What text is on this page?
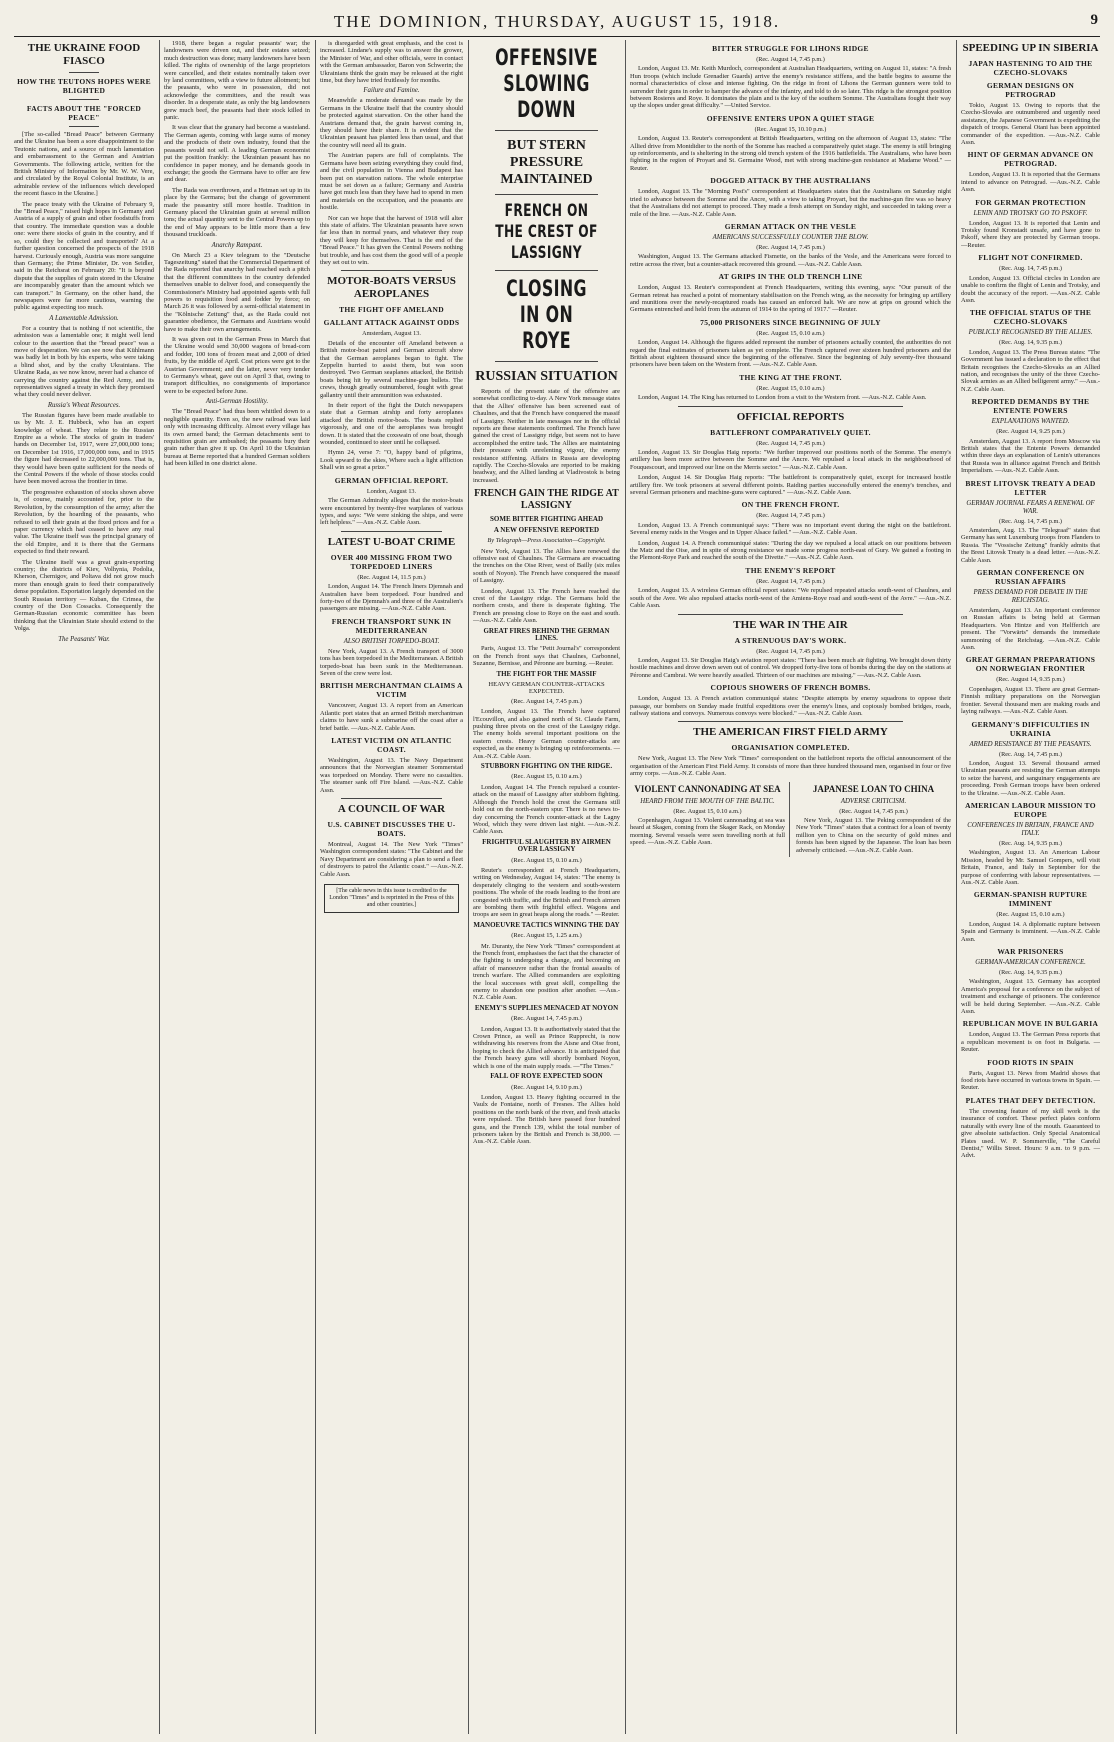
THE DOMINION, THURSDAY, AUGUST 15, 1918.	9
THE UKRAINE FOOD FIASCO
HOW THE TEUTONS HOPES WERE BLIGHTED
FACTS ABOUT THE "FORCED PEACE"

[The so-called "Bread Peace" between Germany and the Ukraine has been a sore disappointment to the Teutonic nations, and a source of much lamentation and embarrassment to the German and Austrian Governments. The following article, written for the British Ministry of Information by Mr. W. W. Vere, and circulated by the Royal Colonial Institute, is an admirable review of the influences which developed the recent fiasco in the Ukraine.]

The peace treaty with the Ukraine of February 9, the "Bread Peace," raised high hopes in Germany and Austria of a supply of grain and other foodstuffs from that country. The immediate question was a double one: were there stocks of grain in the country, and if so, could they be collected and transported? At a further question concerned the prospects of the 1918 harvest. Curiously enough, Austria was more sanguine than Germany; the Prime Minister, Dr. von Seidler, said in the Reichsrat on February 20: "It is beyond dispute that the supplies of grain stored in the Ukraine are incomparably greater than the amount which we can transport." In Germany, on the other hand, the newspapers were far more cautious, warning the public against expecting too much.

A Lamentable Admission.

For a country that is nothing if not scientific, the admission was a lamentable one; it might well lend colour to the assertion that the "bread peace" was a move of desperation. We can see now that Kühlmann was badly let in both by his experts, who were taking a blind shot, and by the crafty Ukrainians. The Ukraine Rada, as we now know, never had a chance of carrying the country against the Red Army, and its representatives signed a treaty in which they promised what they could never deliver.

Russia's Wheat Resources.

The Russian figures have been made available to us by Mr. J. E. Hubbeck, who has an expert knowledge of wheat. They relate to the Russian Empire as a whole. The stocks of grain in traders' hands on December 1st, 1917, were 27,000,000 tons; on December 1st 1916, 17,000,000 tons, and in 1915 the figure had decreased to 22,000,000 tons. That is, they would have been quite sufficient for the needs of the Central Powers if the whole of those stocks could have been moved across the frontier in time.

The progressive exhaustion of stocks shown above is, of course, mainly accounted for, prior to the Revolution, by the consumption of the army; after the Revolution, by the hoarding of the peasants, who refused to sell their grain at the fixed prices and for a paper currency which had ceased to have any real value. The Ukraine itself was the principal granary of the old Empire, and it is there that the Germans expected to find their reward.

The Ukraine itself was a great grain-exporting country; the districts of Kiev, Volhynia, Podolia, Kherson, Chernigov, and Poltava did not grow much more than enough grain to feed their comparatively dense population. Exportation largely depended on the South Russian territory — Kuban, the Crimea, the country of the Don Cossacks. Consequently the German-Russian economic committee has been thinking that the Ukrainian State should extend to the Volga.

The Peasants' War.

1918, there began a regular peasants' war; the landowners were driven out, and their estates seized; much destruction was done; many landowners have been killed. The rights of ownership of the large proprietors were cancelled, and their estates nominally taken over by land committees, with a view to future allotment; but the peasants, who were in possession, did not acknowledge the committees, and the result was disorder. In a desperate state, as only the big landowners grew much beef, the peasants had their stock killed in panic.

It was clear that the granary had become a wasteland. The German agents, coming with large sums of money and the products of their own industry, found that the peasants would not sell. A leading German economist put the position frankly: the Ukrainian peasant has no confidence in paper money, and he demands goods in exchange; the goods the Germans have to offer are few and dear.

The Rada was overthrown, and a Hetman set up in its place by the Germans; but the change of government made the peasantry still more hostile. Tradition in Germany placed the Ukrainian grain at several million tons; the actual quantity sent to the Central Powers up to the end of May appears to be little more than a few thousand truckloads.

Anarchy Rampant.

On March 23 a Kiev telegram to the "Deutsche Tageszeitung" stated that the Commercial Department of the Rada reported that anarchy had reached such a pitch that the different committees in the country defended themselves unable to deliver food, and consequently the Commissioner's Ministry had appointed agents with full powers to requisition food and fodder by force; on March 26 it was followed by a semi-official statement in the "Kölnische Zeitung" that, as the Rada could not guarantee obedience, the Germans and Austrians would have to make their own arrangements.

It was given out in the German Press in March that the Ukraine would send 30,000 wagons of bread-corn and fodder, 100 tons of frozen meat and 2,000 of dried fruits, by the middle of April. Cost prices were got to the Austrian Government; and the latter, never very tender to Germany's wheat, gave out on April 3 that, owing to transport difficulties, no consignments of importance were to be expected before June.

Anti-German Hostility.

The "Bread Peace" had thus been whittled down to a negligible quantity. Even so, the new railroad was laid only with increasing difficulty. Almost every village has its own armed band; the German detachments sent to requisition grain are ambushed; the peasants bury their grain rather than give it up. On April 10 the Ukrainian bureau at Berne reported that a hundred German soldiers had been killed in one district alone.

is disregarded with great emphasis, and the cost is increased. Lindane's supply was to answer the grower, the Minister of War, and other officials, were in contact with the German ambassador, Baron von Schwerin; the Ukrainians think the grain may be released at the right time, but they have tried fruitlessly for months.

Failure and Famine.

Meanwhile a moderate demand was made by the Germans in the Ukraine itself that the country should be protected against starvation. On the other hand the Austrians demand that, the grain harvest coming in, they should have their share. It is evident that the Ukrainian peasant has planted less than usual, and that the country will need all its grain.

The Austrian papers are full of complaints. The Germans have been seizing everything they could find, and the civil population in Vienna and Budapest has been put on starvation rations. The whole enterprise must be set down as a failure; Germany and Austria have got much less than they have had to spend in men and materials on the occupation, and the peasants are hostile.

Nor can we hope that the harvest of 1918 will alter this state of affairs. The Ukrainian peasants have sown far less than in normal years, and whatever they reap they will keep for themselves. That is the end of the "Bread Peace." It has given the Central Powers nothing but trouble, and has cost them the good will of a people they set out to win.

MOTOR-BOATS VERSUS AEROPLANES
THE FIGHT OFF AMELAND
GALLANT ATTACK AGAINST ODDS

Amsterdam, August 13.

Details of the encounter off Ameland between a British motor-boat patrol and German aircraft show that the German aeroplanes began to fight. The Zeppelin hurried to assist them, but was soon destroyed. Two German seaplanes attacked, the British boats being hit by several machine-gun bullets. The crews, though greatly outnumbered, fought with great gallantry until their ammunition was exhausted.

In their report of the fight the Dutch newspapers state that a German airship and forty aeroplanes attacked the British motor-boats. The boats replied vigorously, and one of the aeroplanes was brought down. It is stated that the coxswain of one boat, though wounded, continued to steer until he collapsed.

Hymn 24, verse 7: "O, happy band of pilgrims, Look upward to the skies, Where such a light affliction Shall win so great a prize."

GERMAN OFFICIAL REPORT.

London, August 13.

The German Admiralty alleges that the motor-boats were encountered by twenty-five warplanes of various types, and says: "We were sinking the ships, and were left helpless." —Aus.-N.Z. Cable Assn.

LATEST U-BOAT CRIME
OVER 400 MISSING FROM TWO TORPEDOED LINERS

(Rec. August 14, 11.5 p.m.)

London, August 14. The French liners Djemnah and Australien have been torpedoed. Four hundred and forty-two of the Djemnah's and three of the Australien's passengers are missing. —Aus.-N.Z. Cable Assn.

FRENCH TRANSPORT SUNK IN MEDITERRANEAN
ALSO BRITISH TORPEDO-BOAT.

New York, August 13. A French transport of 3000 tons has been torpedoed in the Mediterranean. A British torpedo-boat has been sunk in the Mediterranean. Seven of the crew were lost.

BRITISH MERCHANTMAN CLAIMS A VICTIM

Vancouver, August 13. A report from an American Atlantic port states that an armed British merchantman claims to have sunk a submarine off the coast after a brief battle. —Aus.-N.Z. Cable Assn.

LATEST VICTIM ON ATLANTIC COAST.

Washington, August 13. The Navy Department announces that the Norwegian steamer Sommerstad was torpedoed on Monday. There were no casualties. The steamer sank off Fire Island. —Aus.-N.Z. Cable Assn.

A COUNCIL OF WAR
U.S. CABINET DISCUSSES THE U-BOATS.

Montreal, August 14. The New York "Times" Washington correspondent states: "The Cabinet and the Navy Department are considering a plan to send a fleet of destroyers to patrol the Atlantic coast." —Aus.-N.Z. Cable Assn.

[The cable news in this issue is credited to the London "Times" and is reprinted in the Press of this and other countries.]
OFFENSIVE SLOWING DOWN
BUT STERN PRESSURE MAINTAINED
FRENCH ON THE CREST OF LASSIGNY
CLOSING IN ON ROYE
RUSSIAN SITUATION

Reports of the present state of the offensive are somewhat conflicting to-day. A New York message states that the Allies' offensive has been screened east of Chaulnes, and that the French have conquered the massif of Lassigny. Neither in late messages nor in the official reports are these statements confirmed. The French have gained the crest of Lassigny ridge, but seem not to have accomplished the entire task. The Allies are maintaining their pressure with unrelenting vigour, the enemy resistance stiffening. Affairs in Russia are developing rapidly. The Czecho-Slovaks are reported to be making headway, and the Allied landing at Vladivostok is being increased.

FRENCH GAIN THE RIDGE AT LASSIGNY
SOME BITTER FIGHTING AHEAD
A NEW OFFENSIVE REPORTED

By Telegraph—Press Association—Copyright.

New York, August 13. The Allies have renewed the offensive east of Chaulnes. The Germans are evacuating the trenches on the Oise River, west of Bailly (six miles south of Noyon). The French have conquered the massif of Lassigny.

London, August 13. The French have reached the crest of the Lassigny ridge. The Germans hold the northern crests, and there is desperate fighting. The French are pressing close to Roye on the east and south. —Aus.-N.Z. Cable Assn.

GREAT FIRES BEHIND THE GERMAN LINES.

Paris, August 13. The "Petit Journal's" correspondent on the French front says that Chaulnes, Carbonnel, Suzanne, Bernisse, and Péronne are burning. —Reuter.

THE FIGHT FOR THE MASSIF
HEAVY GERMAN COUNTER-ATTACKS EXPECTED.

(Rec. August 14, 7.45 p.m.)

London, August 13. The French have captured l'Ecouvillon, and also gained north of St. Claude Farm, pushing three pivots on the crest of the Lassigny ridge. The enemy holds several important positions on the eastern crests. Heavy German counter-attacks are expected, as the enemy is bringing up reinforcements. —Aus.-N.Z. Cable Assn.

STUBBORN FIGHTING ON THE RIDGE.

(Rec. August 15, 0.10 a.m.)

London, August 14. The French repulsed a counter-attack on the massif of Lassigny after stubborn fighting. Although the French hold the crest the Germans still hold out on the north-eastern spur. There is no news to-day concerning the French counter-attack at the Lagny Wood, which they were driven last night. —Aus.-N.Z. Cable Assn.

FRIGHTFUL SLAUGHTER BY AIRMEN OVER LASSIGNY

(Rec. August 15, 0.10 a.m.)

Reuter's correspondent at French Headquarters, writing on Wednesday, August 14, states: "The enemy is desperately clinging to the western and south-western positions. The whole of the roads leading to the front are congested with traffic, and the British and French airmen are bombing them with frightful effect. Wagons and troops are seen in great heaps along the roads." —Reuter.

MANOEUVRE TACTICS WINNING THE DAY

(Rec. August 15, 1.25 a.m.)

Mr. Duranty, the New York "Times" correspondent at the French front, emphasises the fact that the character of the fighting is undergoing a change, and becoming an affair of manoeuvre rather than the frontal assaults of trench warfare. The Allied commanders are exploiting the local successes with great skill, compelling the enemy to abandon one position after another. —Aus.-N.Z. Cable Assn.

ENEMY'S SUPPLIES MENACED AT NOYON

(Rec. August 14, 7.45 p.m.)

London, August 13. It is authoritatively stated that the Crown Prince, as well as Prince Rupprecht, is now withdrawing his reserves from the Aisne and Oise front, hoping to check the Allied advance. It is anticipated that the French heavy guns will shortly bombard Noyon, which is one of the main supply roads. —"The Times."

FALL OF ROYE EXPECTED SOON

(Rec. August 14, 9.10 p.m.)

London, August 13. Heavy fighting occurred in the Vaulx de Fontaine, north of Fresnes. The Allies hold positions on the north bank of the river, and fresh attacks were repulsed. The British have passed four hundred guns, and the French 139, whilst the total number of prisoners taken by the British and French is 38,000. —Aus.-N.Z. Cable Assn.

BITTER STRUGGLE FOR LIHONS RIDGE

(Rec. August 14, 7.45 p.m.)

London, August 13. Mr. Keith Murdoch, correspondent at Australian Headquarters, writing on August 11, states: "A fresh Hun troops (which include Grenadier Guards) arrive the enemy's resistance stiffens, and the battle begins to assume the normal characteristics of close and intense fighting. On the ridge in front of Lihons the German gunners were told to surrender their guns in order to hamper the advance of the infantry, and told to do so later. This ridge is the strongest position between Rosieres and Roye. It dominates the plain and is the key of the southern Somme. The Australians fought their way up the slopes under great difficulty." —United Service.

OFFENSIVE ENTERS UPON A QUIET STAGE

(Rec. August 15, 10.10 p.m.)

London, August 13. Reuter's correspondent at British Headquarters, writing on the afternoon of August 13, states: "The Allied drive from Montdidier to the north of the Somme has reached a comparatively quiet stage. The enemy is still bringing up reinforcements, and is sheltering in the strong old trench system of the 1916 battlefields. The Australians, who have been fighting in the region of Proyart and St. Germaine Wood, met with strong machine-gun resistance at Madame Wood." —Reuter.

DOGGED ATTACK BY THE AUSTRALIANS

London, August 13. The "Morning Post's" correspondent at Headquarters states that the Australians on Saturday night tried to advance between the Somme and the Ancre, with a view to taking Proyart, but the machine-gun fire was so heavy that the Australians did not attempt to proceed. They made a fresh attempt on Sunday night, and succeeded in taking over a mile of the line. —Aus.-N.Z. Cable Assn.

GERMAN ATTACK ON THE VESLE
AMERICANS SUCCESSFULLY COUNTER THE BLOW.

(Rec. August 14, 7.45 p.m.)

Washington, August 13. The Germans attacked Fismette, on the banks of the Vesle, and the Americans were forced to retire across the river, but a counter-attack recovered this ground. —Aus.-N.Z. Cable Assn.

AT GRIPS IN THE OLD TRENCH LINE

London, August 13. Reuter's correspondent at French Headquarters, writing this evening, says: "Our pursuit of the German retreat has reached a point of momentary stabilisation on the French wing, as the necessity for bringing up artillery and munitions over the newly-recaptured roads has caused an enforced halt. We are now at grips on ground which the Germans entrenched and held from the autumn of 1914 to the spring of 1917." —Reuter.

75,000 PRISONERS SINCE BEGINNING OF JULY

(Rec. August 15, 0.10 a.m.)

London, August 14. Although the figures added represent the number of prisoners actually counted, the authorities do not regard the final estimates of prisoners taken as yet complete. The French captured over sixteen hundred prisoners and the British about eighteen thousand since the beginning of the offensive. Since the beginning of July seventy-five thousand prisoners have been taken on the Western front. —Aus.-N.Z. Cable Assn.

THE KING AT THE FRONT.

(Rec. August 15, 0.10 a.m.)

London, August 14. The King has returned to London from a visit to the Western front. —Aus.-N.Z. Cable Assn.

OFFICIAL REPORTS
BATTLEFRONT COMPARATIVELY QUIET.

(Rec. August 14, 7.45 p.m.)

London, August 13. Sir Douglas Haig reports: "We further improved our positions north of the Somme. The enemy's artillery has been more active between the Somme and the Ancre. We repulsed a local attack in the neighbourhood of Fouquescourt, and improved our line on the Merris sector." —Aus.-N.Z. Cable Assn.

London, August 14. Sir Douglas Haig reports: "The battlefront is comparatively quiet, except for increased hostile artillery fire. We took prisoners at several different points. Raiding parties successfully entered the enemy's trenches, and several German prisoners and machine-guns were captured." —Aus.-N.Z. Cable Assn.

ON THE FRENCH FRONT.

(Rec. August 14, 7.45 p.m.)

London, August 13. A French communiqué says: "There was no important event during the night on the battlefront. Several enemy raids in the Vosges and in Upper Alsace failed." —Aus.-N.Z. Cable Assn.

London, August 14. A French communiqué states: "During the day we repulsed a local attack on our positions between the Matz and the Oise, and in spite of strong resistance we made some progress north-east of Gury. We gained a footing in the Plemont-Roye Park and reached the south of the Divette." —Aus.-N.Z. Cable Assn.

THE ENEMY'S REPORT

(Rec. August 14, 7.45 p.m.)

London, August 13. A wireless German official report states: "We repulsed repeated attacks south-west of Chaulnes, and south of the Avre. We also repulsed attacks north-west of the Amiens-Roye road and south-west of the Avre." —Aus.-N.Z. Cable Assn.

THE WAR IN THE AIR
A STRENUOUS DAY'S WORK.

(Rec. August 14, 7.45 p.m.)

London, August 13. Sir Douglas Haig's aviation report states: "There has been much air fighting. We brought down thirty hostile machines and drove down seven out of control. We dropped forty-five tons of bombs during the day on the stations at Péronne and Cambrai. We were heavily assailed. Thirteen of our machines are missing." —Aus.-N.Z. Cable Assn.

COPIOUS SHOWERS OF FRENCH BOMBS.

London, August 13. A French aviation communiqué states: "Despite attempts by enemy squadrons to oppose their passage, our bombers on Sunday made fruitful expeditions over the enemy's lines, and copiously bombed bridges, roads, railway stations and convoys. Numerous convoys were blocked." —Aus.-N.Z. Cable Assn.

THE AMERICAN FIRST FIELD ARMY
ORGANISATION COMPLETED.

New York, August 13. The New York "Times" correspondent on the battlefront reports the official announcement of the organisation of the American First Field Army. It consists of more than three hundred thousand men, organised in four or five army corps. —Aus.-N.Z. Cable Assn.

VIOLENT CANNONADING AT SEA
HEARD FROM THE MOUTH OF THE BALTIC.

(Rec. August 15, 0.10 a.m.)

Copenhagen, August 13. Violent cannonading at sea was heard at Skagen, coming from the Skager Rack, on Monday morning. Several vessels were seen travelling north at full speed. —Aus.-N.Z. Cable Assn.

JAPANESE LOAN TO CHINA
ADVERSE CRITICISM.

(Rec. August 14, 7.45 p.m.)

New York, August 13. The Peking correspondent of the New York "Times" states that a contract for a loan of twenty million yen to China on the security of gold mines and forests has been signed by the Japanese. The loan has been adversely criticised. —Aus.-N.Z. Cable Assn.

SPEEDING UP IN SIBERIA
JAPAN HASTENING TO AID THE CZECHO-SLOVAKS
GERMAN DESIGNS ON PETROGRAD

Tokio, August 13. Owing to reports that the Czecho-Slovaks are outnumbered and urgently need assistance, the Japanese Government is expediting the dispatch of troops. General Otani has been appointed commander of the expedition. —Aus.-N.Z. Cable Assn.

HINT OF GERMAN ADVANCE ON PETROGRAD.

London, August 13. It is reported that the Germans intend to advance on Petrograd. —Aus.-N.Z. Cable Assn.

FOR GERMAN PROTECTION
LENIN AND TROTSKY GO TO PSKOFF.

London, August 13. It is reported that Lenin and Trotsky found Kronstadt unsafe, and have gone to Pskoff, where they are protected by German troops. —Reuter.

FLIGHT NOT CONFIRMED.

(Rec. Aug. 14, 7.45 p.m.)

London, August 13. Official circles in London are unable to confirm the flight of Lenin and Trotsky, and doubt the accuracy of the report. —Aus.-N.Z. Cable Assn.

THE OFFICIAL STATUS OF THE CZECHO-SLOVAKS
PUBLICLY RECOGNISED BY THE ALLIES.

(Rec. Aug. 14, 9.35 p.m.)

London, August 13. The Press Bureau states: "The Government has issued a declaration to the effect that Britain recognises the Czecho-Slovaks as an Allied nation, and recognises the unity of the three Czecho-Slovak armies as an Allied belligerent army." —Aus.-N.Z. Cable Assn.

REPORTED DEMANDS BY THE ENTENTE POWERS
EXPLANATIONS WANTED.

(Rec. August 14, 9.25 p.m.)

Amsterdam, August 13. A report from Moscow via British states that the Entente Powers demanded within three days an explanation of Lenin's utterances that Russia was in alliance against French and British Imperialism. —Aus.-N.Z. Cable Assn.

BREST LITOVSK TREATY A DEAD LETTER
GERMAN JOURNAL FEARS A RENEWAL OF WAR.

(Rec. Aug. 14, 7.45 p.m.)

Amsterdam, Aug. 13. The "Telegraaf" states that Germany has sent Luxemburg troops from Flanders to Russia. The "Vossische Zeitung" frankly admits that the Brest Litovsk Treaty is a dead letter. —Aus.-N.Z. Cable Assn.

GERMAN CONFERENCE ON RUSSIAN AFFAIRS
PRESS DEMAND FOR DEBATE IN THE REICHSTAG.

Amsterdam, August 13. An important conference on Russian affairs is being held at German Headquarters. Von Hintze and von Helfferich are present. The "Vorwärts" demands the immediate summoning of the Reichstag. —Aus.-N.Z. Cable Assn.

GREAT GERMAN PREPARATIONS ON NORWEGIAN FRONTIER

(Rec. August 14, 9.35 p.m.)

Copenhagen, August 13. There are great German-Finnish military preparations on the Norwegian frontier. Several thousand men are making roads and laying railways. —Aus.-N.Z. Cable Assn.

GERMANY'S DIFFICULTIES IN UKRAINIA
ARMED RESISTANCE BY THE PEASANTS.

(Rec. Aug. 14, 7.45 p.m.)

London, August 13. Several thousand armed Ukrainian peasants are resisting the German attempts to seize the harvest, and sanguinary engagements are proceeding. Fresh German troops have been ordered to the Ukraine. —Aus.-N.Z. Cable Assn.

AMERICAN LABOUR MISSION TO EUROPE
CONFERENCES IN BRITAIN, FRANCE AND ITALY.

(Rec. Aug. 14, 9.35 p.m.)

Washington, August 13. An American Labour Mission, headed by Mr. Samuel Gompers, will visit Britain, France, and Italy in September for the purpose of conferring with labour representatives. —Aus.-N.Z. Cable Assn.

GERMAN-SPANISH RUPTURE IMMINENT

(Rec. August 15, 0.10 a.m.)

London, August 14. A diplomatic rupture between Spain and Germany is imminent. —Aus.-N.Z. Cable Assn.

WAR PRISONERS
GERMAN-AMERICAN CONFERENCE.

(Rec. Aug. 14, 9.35 p.m.)

Washington, August 13. Germany has accepted America's proposal for a conference on the subject of treatment and exchange of prisoners. The conference will be held during September. —Aus.-N.Z. Cable Assn.

REPUBLICAN MOVE IN BULGARIA

London, August 13. The German Press reports that a republican movement is on foot in Bulgaria. —Reuter.

FOOD RIOTS IN SPAIN

Paris, August 13. News from Madrid shows that food riots have occurred in various towns in Spain. —Reuter.

PLATES THAT DEFY DETECTION.

The crowning feature of my skill work is the insurance of comfort. These perfect plates conform naturally with every line of the mouth. Guaranteed to give absolute satisfaction. Only Special Anatomical Plates used. W. P. Sommerville, "The Careful Dentist," Willis Street. Hours: 9 a.m. to 9 p.m. —Advt.
